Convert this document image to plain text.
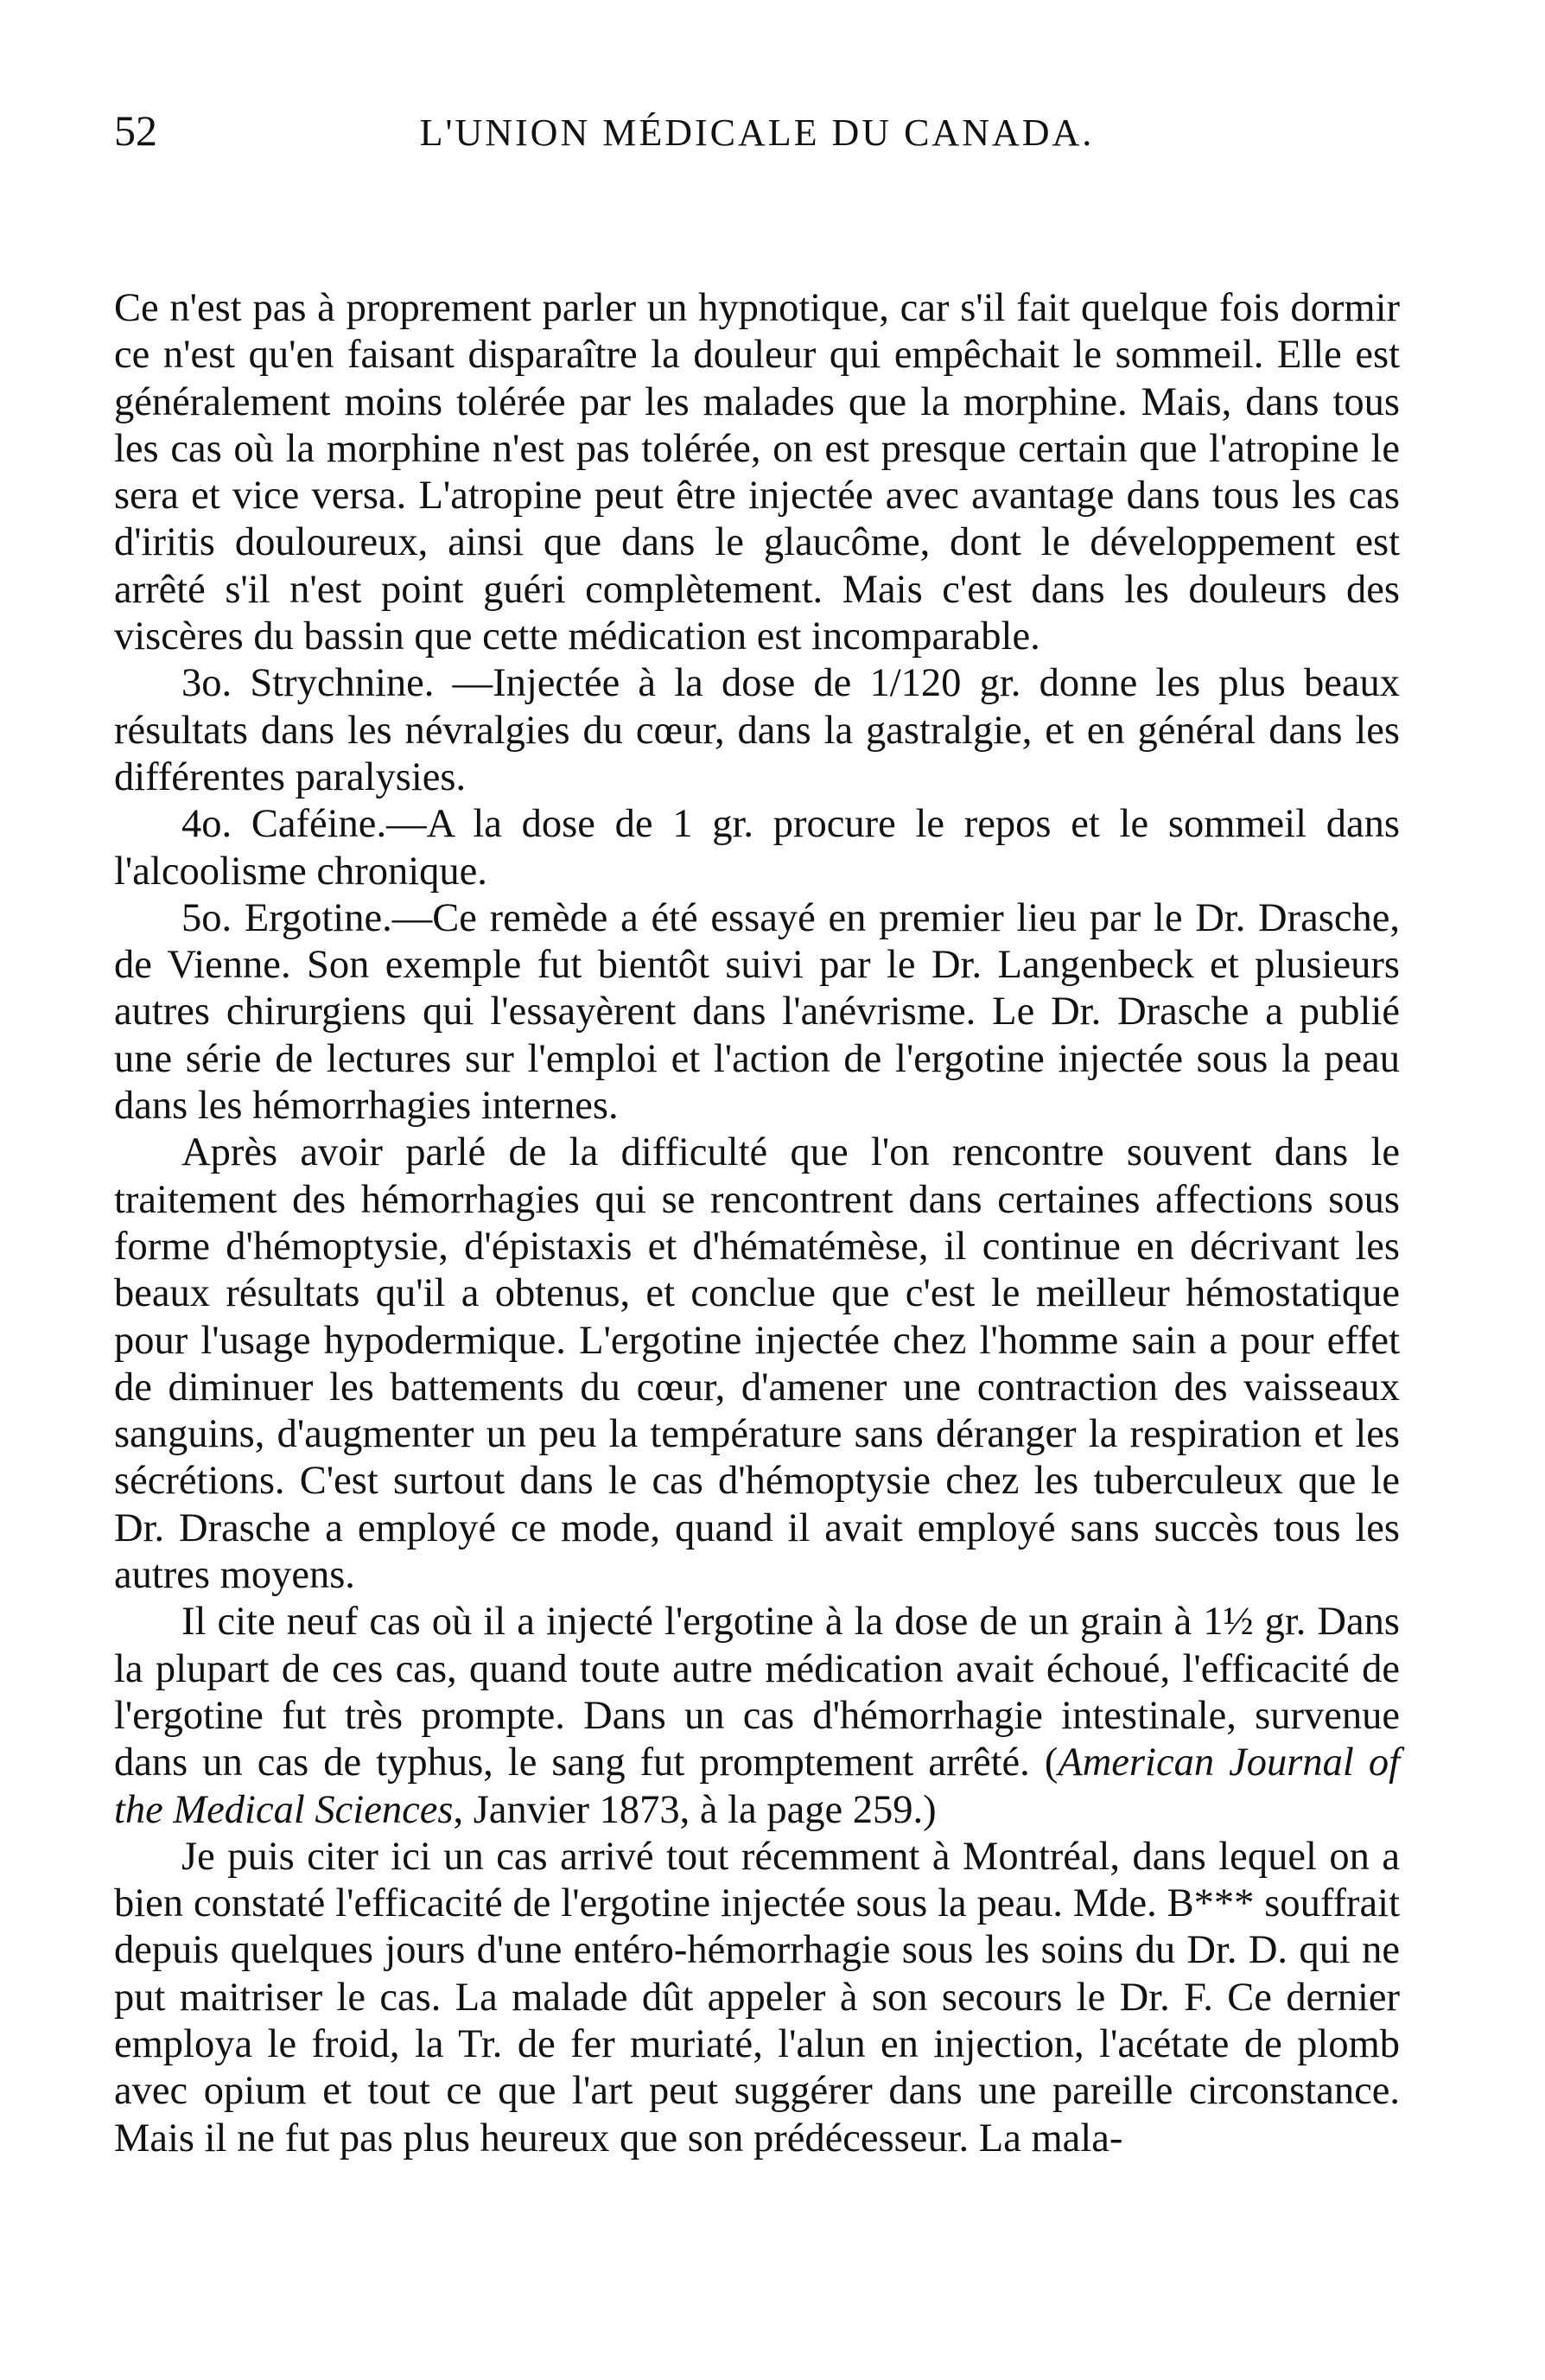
52	L'UNION MÉDICALE DU CANADA.

Ce n'est pas à proprement parler un hypnotique, car s'il fait quelque fois dormir ce n'est qu'en faisant disparaître la douleur qui empêchait le sommeil. Elle est généralement moins tolérée par les malades que la morphine. Mais, dans tous les cas où la morphine n'est pas tolérée, on est presque certain que l'atropine le sera et vice versa. L'atropine peut être injectée avec avantage dans tous les cas d'iritis douloureux, ainsi que dans le glaucôme, dont le développement est arrêté s'il n'est point guéri complètement. Mais c'est dans les douleurs des viscères du bassin que cette médication est incomparable.

3o. Strychnine. —Injectée à la dose de 1/120 gr. donne les plus beaux résultats dans les névralgies du cœur, dans la gastralgie, et en général dans les différentes paralysies.

4o. Caféine.—A la dose de 1 gr. procure le repos et le sommeil dans l'alcoolisme chronique.

5o. Ergotine.—Ce remède a été essayé en premier lieu par le Dr. Drasche, de Vienne. Son exemple fut bientôt suivi par le Dr. Langenbeck et plusieurs autres chirurgiens qui l'essayèrent dans l'anévrisme. Le Dr. Drasche a publié une série de lectures sur l'emploi et l'action de l'ergotine injectée sous la peau dans les hémorrhagies internes.

Après avoir parlé de la difficulté que l'on rencontre souvent dans le traitement des hémorrhagies qui se rencontrent dans certaines affections sous forme d'hémoptysie, d'épistaxis et d'hématémèse, il continue en décrivant les beaux résultats qu'il a obtenus, et conclue que c'est le meilleur hémostatique pour l'usage hypodermique. L'ergotine injectée chez l'homme sain a pour effet de diminuer les battements du cœur, d'amener une contraction des vaisseaux sanguins, d'augmenter un peu la température sans déranger la respiration et les sécrétions. C'est surtout dans le cas d'hémoptysie chez les tuberculeux que le Dr. Drasche a employé ce mode, quand il avait employé sans succès tous les autres moyens.

Il cite neuf cas où il a injecté l'ergotine à la dose de un grain à 1½ gr. Dans la plupart de ces cas, quand toute autre médication avait échoué, l'efficacité de l'ergotine fut très prompte. Dans un cas d'hémorrhagie intestinale, survenue dans un cas de typhus, le sang fut promptement arrêté. (American Journal of the Medical Sciences, Janvier 1873, à la page 259.)

Je puis citer ici un cas arrivé tout récemment à Montréal, dans lequel on a bien constaté l'efficacité de l'ergotine injectée sous la peau. Mde. B*** souffrait depuis quelques jours d'une entéro-hémorrhagie sous les soins du Dr. D. qui ne put maitriser le cas. La malade dût appeler à son secours le Dr. F. Ce dernier employa le froid, la Tr. de fer muriaté, l'alun en injection, l'acétate de plomb avec opium et tout ce que l'art peut suggérer dans une pareille circonstance. Mais il ne fut pas plus heureux que son prédécesseur. La mala-
